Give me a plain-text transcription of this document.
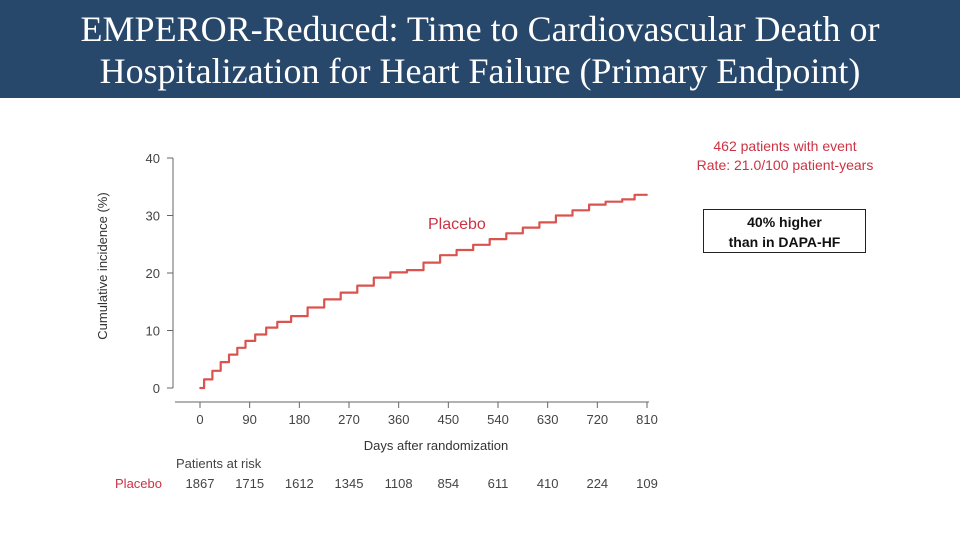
EMPEROR-Reduced: Time to Cardiovascular Death or
Hospitalization for Heart Failure (Primary Endpoint)
0
10
20
30
40
0	90 180 270 360 450 540 630 720 810
Cumulative incidence (%)
Days after randomization
Placebo
Patients at risk
Placebo 1867 1715 1612 1345 1108 854 611 410 224 109
462 patients with event
Rate: 21.0/100 patient-years
40% higher
than in DAPA-HF
